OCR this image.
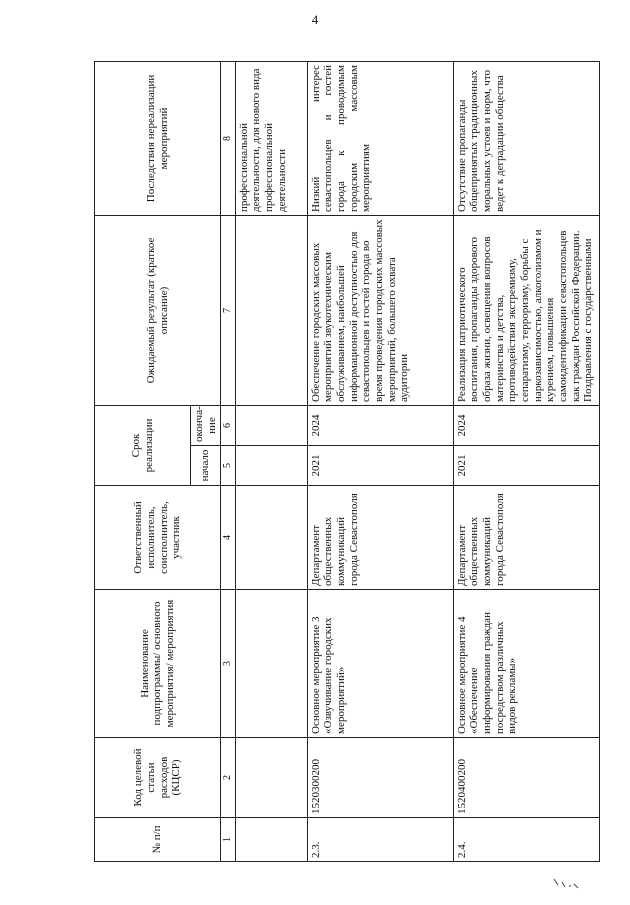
4
№ п/п	Код целевой статьи расходов (КЦСР)	Наименование подпрограммы/ основного мероприятия/ мероприятия	Ответственный исполнитель, соисполнитель, участник	Срок реализации		Ожидаемый результат (краткое описание)	Последствия нереализации мероприятий
				начало	оконча-ние		
1	2	3	4	5	6	7	8
							профессиональной деятельности, для нового вида профессиональной деятельности
2.3.	1520300200	Основное мероприятие 3 «Озвучивание городских мероприятий»	Департамент общественных коммуникаций города Севастополя	2021	2024	Обеспечение городских массовых мероприятий звукотехническим обслуживанием, наибольшей информационной доступностью для севастопольцев и гостей города во время проведения городских массовых мероприятий, большего охвата аудитории	Низкий интерес севастопольцев и гостей города к проводимым городским массовым мероприятиям
2.4.	1520400200	Основное мероприятие 4 «Обеспечение информирования граждан посредством различных видов рекламы»	Департамент общественных коммуникаций города Севастополя	2021	2024	Реализация патриотического воспитания, пропаганды здорового образа жизни, освещения вопросов материнства и детства, противодействия экстремизму, сепаратизму, терроризму, борьбы с наркозависимостью, алкоголизмом и курением, повышения самоидентификации севастопольцев как граждан Российской Федерации. Поздравления с государственными	Отсутствие пропаганды общепринятых традиционных моральных устоев и норм, что ведет к деградации общества
